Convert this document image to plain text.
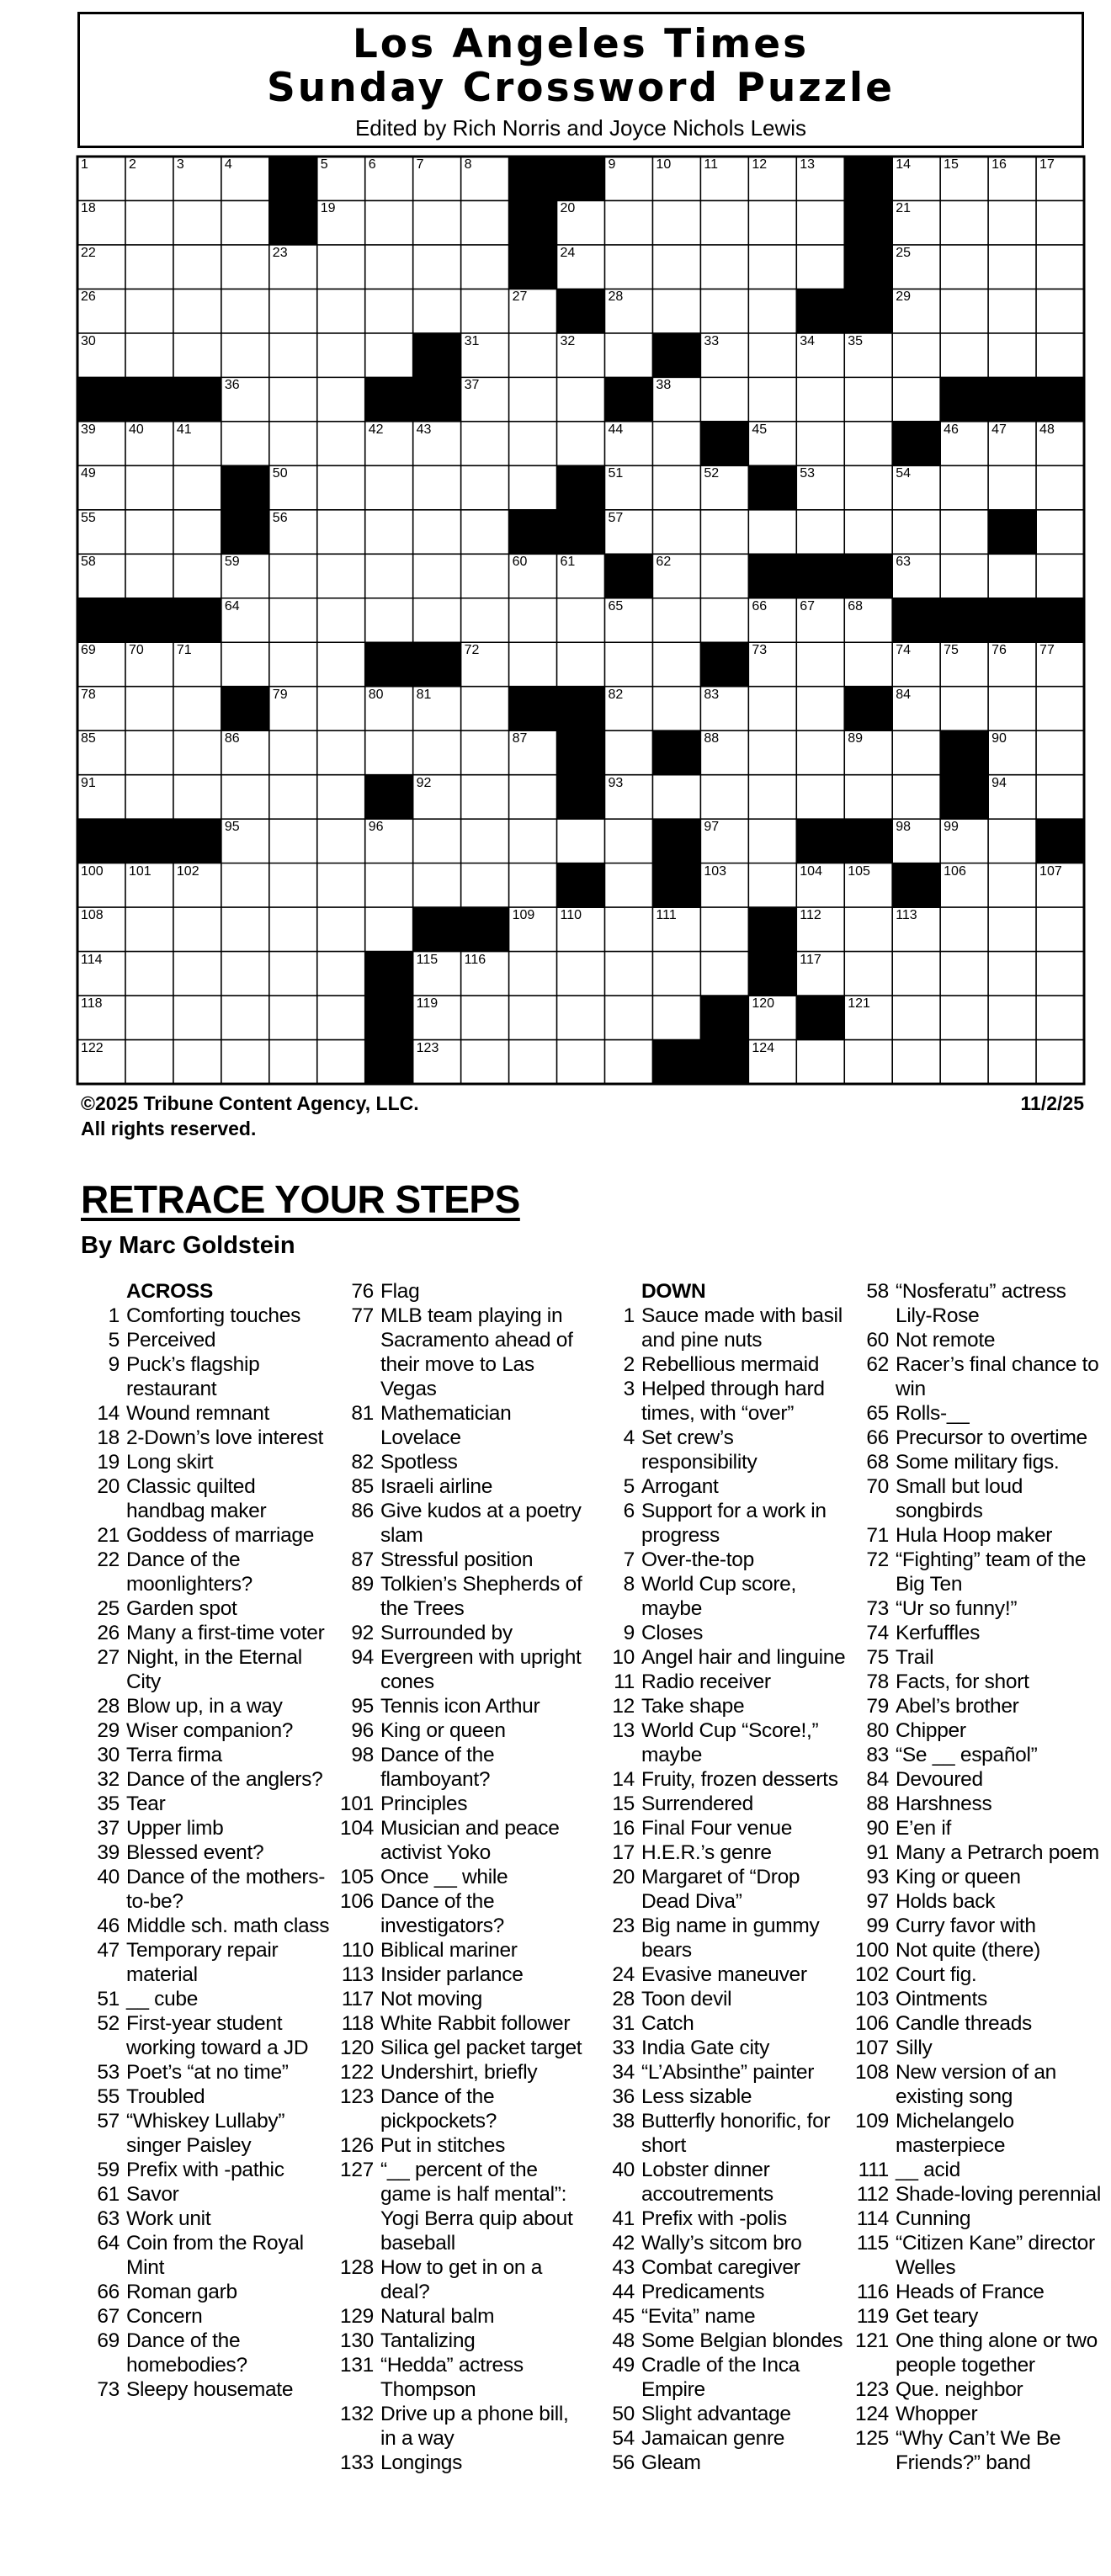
Los Angeles Times
Sunday Crossword Puzzle
Edited by Rich Norris and Joyce Nichols Lewis
1	2	3	4	5	6	7	8	9	10 11	12 13	14 15 16 17
18	19	20	21
22	23	24	25
26	27	28	29
30	31	32	33	34 35
36	37	38
39 40 41	42 43	44	45	46 47 48
49	50	51	52	53	54
55	56	57
58	59	60 61	62	63
64	65	66 67 68
69 70 71	72	73	74 75 76 77
78	79	80 81	82	83	84
85	86	87	88	89	90
91	92	93	94
95	96	97	98 99
100 101 102	103	104 105	106	107
108	109 110	111	112	113
114	115 116	117
118	119	120	121
122	123	124
©2025 Tribune Content Agency, LLC.
All rights reserved.
11/2/25
RETRACE YOUR STEPS
By Marc Goldstein
ACROSS
1 Comforting touches
5 Perceived
9 Puck’s flagship restaurant
14 Wound remnant
18 2-Down’s love interest
19 Long skirt
20 Classic quilted handbag maker
21 Goddess of marriage
22 Dance of the moonlighters?
25 Garden spot
26 Many a first-time voter
27 Night, in the Eternal City
28 Blow up, in a way
29 Wiser companion?
30 Terra firma
32 Dance of the anglers?
35 Tear
37 Upper limb
39 Blessed event?
40 Dance of the mothers-to-be?
46 Middle sch. math class
47 Temporary repair material
51 __ cube
52 First-year student working toward a JD
53 Poet’s “at no time”
55 Troubled
57 “Whiskey Lullaby” singer Paisley
59 Prefix with -pathic
61 Savor
63 Work unit
64 Coin from the Royal Mint
66 Roman garb
67 Concern
69 Dance of the homebodies?
73 Sleepy housemate
76 Flag
77 MLB team playing in Sacramento ahead of their move to Las Vegas
81 Mathematician Lovelace
82 Spotless
85 Israeli airline
86 Give kudos at a poetry slam
87 Stressful position
89 Tolkien’s Shepherds of the Trees
92 Surrounded by
94 Evergreen with upright cones
95 Tennis icon Arthur
96 King or queen
98 Dance of the flamboyant?
101 Principles
104 Musician and peace activist Yoko
105 Once __ while
106 Dance of the investigators?
110 Biblical mariner
113 Insider parlance
117 Not moving
118 White Rabbit follower
120 Silica gel packet target
122 Undershirt, briefly
123 Dance of the pickpockets?
126 Put in stitches
127 “__ percent of the game is half mental”: Yogi Berra quip about baseball
128 How to get in on a deal?
129 Natural balm
130 Tantalizing
131 “Hedda” actress Thompson
132 Drive up a phone bill, in a way
133 Longings
DOWN
1 Sauce made with basil and pine nuts
2 Rebellious mermaid
3 Helped through hard times, with “over”
4 Set crew’s responsibility
5 Arrogant
6 Support for a work in progress
7 Over-the-top
8 World Cup score, maybe
9 Closes
10 Angel hair and linguine
11 Radio receiver
12 Take shape
13 World Cup “Score!,” maybe
14 Fruity, frozen desserts
15 Surrendered
16 Final Four venue
17 H.E.R.’s genre
20 Margaret of “Drop Dead Diva”
23 Big name in gummy bears
24 Evasive maneuver
28 Toon devil
31 Catch
33 India Gate city
34 “L’Absinthe” painter
36 Less sizable
38 Butterfly honorific, for short
40 Lobster dinner accoutrements
41 Prefix with -polis
42 Wally’s sitcom bro
43 Combat caregiver
44 Predicaments
45 “Evita” name
48 Some Belgian blondes
49 Cradle of the Inca Empire
50 Slight advantage
54 Jamaican genre
56 Gleam
58 “Nosferatu” actress Lily-Rose
60 Not remote
62 Racer’s final chance to win
65 Rolls-__
66 Precursor to overtime
68 Some military figs.
70 Small but loud songbirds
71 Hula Hoop maker
72 “Fighting” team of the Big Ten
73 “Ur so funny!”
74 Kerfuffles
75 Trail
78 Facts, for short
79 Abel’s brother
80 Chipper
83 “Se __ español”
84 Devoured
88 Harshness
90 E’en if
91 Many a Petrarch poem
93 King or queen
97 Holds back
99 Curry favor with
100 Not quite (there)
102 Court fig.
103 Ointments
106 Candle threads
107 Silly
108 New version of an existing song
109 Michelangelo masterpiece
111 __ acid
112 Shade-loving perennial
114 Cunning
115 “Citizen Kane” director Welles
116 Heads of France
119 Get teary
121 One thing alone or two people together
123 Que. neighbor
124 Whopper
125 “Why Can’t We Be Friends?” band
